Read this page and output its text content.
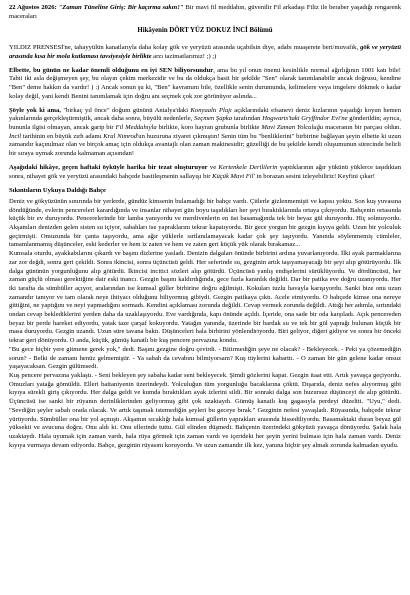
22 Ağustos 2026: "Zaman Tüneline Giriş: Bir kaçırma sakın!" Bir mavi fil meddahın, güvenilir Fil arkadaşı Filiz ile beraber yaşadığı rengarenk maceraları

Hikâyenin DÖRT YÜZ DOKUZ İNCİ Bölümü

YILDIZ PRENSESİ'ne, tahayyülün kanatlarıyla daha kolay gök ve yeryüzü arasında uçabilsin diye, adabı muaşerete beri/muvafık, gök ve yeryüzü arasında kısa bir mola kutlaması tavsiyesiyle birlikte arzı tazimatlarımız! ;) ;)

Elbette, bu günün ne kadar önemli olduğunu en iyi SEN biliyorsundur, ama bu yıl onun önemi kesinlikle normal ağırlığının 1001 katı bile! Tabii iki asla değişmeyen şey, bu olayın çekim merkezidir ve bu da oldukça basit bir şekilde "Sen" olarak tanımlanabilir ancak doğrusu, kendine "Ben" deme hakkın da vardır! ) :) Ancak sonun şu ki, "Ben" kavramını bile, özellikle senin durumunda, kelimelere veya imgelere dökmek o kadar kolay değil, yani kendi Benini tanımlamak için doğru anı seçmek çok zor görünüyor aslında...

Şöyle yok ki ama, "birkaç yıl önce" doğum gününü Antalya'daki Konyaaltı Plajı açıklarındaki efsanevi deniz kızlarının yaşadığı koyun hemen yakınlarında gerçekleştirmiştik, ancak daha sonra, büyülü nedenlerle, Seçmen Şapka tarafından Hogwarts'taki Gryffindor Evi'ne gönderildin; ayrıca, bununla ilgisi olmayan, ancak garip bir Fil Meddahıyla birlikte, koro hayran grubunla birlikte Mavi Zaman Yolculuğu maceranın bir parçası oldun. İncil tarihinin en büyük zırh adamı Kral Nimrod'un huzuruna ziyaret çıkmıştın! Senin tüm bu "benliklerini" birbirine bağlayan şeyin elbette ki uzun zamandır kaçınılmaz olan ve birçok amaç için oldukça avantajlı olan zaman makinesidir; güzelliği de bu şekilde kendi oluşumunun sürecinde belirli bir sıraya uymak zorunda kalmaman açısından!

Aşağıdaki hikâye, geçen haftaki öyküyle harika bir tezat oluşturuyor ve Kertenkele Derililerin yaptıklarının ağır yükünü yüklerce taşıdıktan sonra, nihayet gök ve yeryüzü arasındaki bahçede basitleşmenin sallayışı bir Küçük Mavi Fil' in borazan sesini izleyebiliriz! Keyfini çıkar!

Sıkıntıların Uykuya Daldığı Bahçe

Deniz ve gökyüzünün sınırında bir yerlerde, gündüz kimsenin bulamadığı bir bahçe vardı. Çitlerle gizlenmemişti ve kapısı yoktu. Son kuş yuvasına döndüğünde, evlerin pencereleri karardığında ve insanlar nihayet gün boyu taşıdıkları her şeyi bıraktıklarında ortaya çıkıyordu. Bahçenin ortasında küçük bir ev duruyordu. Pencerelerinde bir lamba yanıyordu ve merdivenlerin en üst basamağında tek bir beyaz gül duruyordu. Hiç solmuyordu. Akşamları denizden gelen sisten su içiyor, sabahları ise yapraklarını tekrar kapatıyordu. Bir gece yorgun bir gezgin kıyıya geldi. Uzun bir yolculuk geçirmişti. Omuzunda bir çanta taşıyordu, ama ağır yüklerle sırtlanılamayacak kadar çok şey taşıyordu. Yanında söylenmemiş cümleler, tamamlanmamış düşünceler, eski kederler ve hem iz zaten ve hem ve zaten geri küçük yük olarak bırakamaz...

Kumsala oturdu, ayakkabılarını çıkardı ve başını dizlerine yasladı. Denizin dalgaları önünde birbirini ardına yuvarlanıyordu. İlki ayak parmaklarına zar zor değdi, sonra geri çekildi. Sonra ikincisi, sonra üçüncüsü geldi. Her seferinde su, gezginin artık taşıyamayacağı bir şeyi alıp götürüyordu. İlk dalga gününün yorgunluğunu alıp götürdü. İkincisi incitici sözleri alıp götürdü. Üçüncüsü yanlış endişelerini sürüklüyordu. Ve dördüncüsü, her zaman güçlü olması gerektiğine dair eski inancı. Gezgin başını kaldırdığında, gece fazla karanlık değildi. Dar bir patika eve doğru uzanıyordu. Her iki tarafta da sümbüller açıyor, aralarından ise kumsal güller birbirine doğru eğilmişti. Kokuları tuzlu havayla karışıyordu. Sanki bize onu uzun zamandır tanıyor ve tam olarak neye ihtiyacı olduğunu biliyormuş gibiydi. Gezgin patikaya çıktı. Acele etmiyordu. O bahçede kimse ona nereye gittiğini, ne yaptığını ve neyi yapmadığını sormadı. Kendini açıklaması zorunda değildi. Cevap vermek zorunda değildi. Attığı her adımla, sırtındaki ondan cevap beklediklerini yerden daha da uzaklaşıyordu. Eve vardığında, kapı önünde açıldı. İçeride, ona sade bir oda karşıladı. Açık pencereden beyaz bir perde hareket ediyordu, yatak taze çarşaf kokuyordu. Yatağın yanında, üzerinde bir bardak su ve tek bir gül yaprağı bulunan küçük bir masa duruyordu. Gezgin uzandı. Uzun süre tavana baktı. Düşünceleri hala birbirini yönlendiriyordu. Biri geliyor, diğeri gidiyor ve sonra bir önceki tekrar geri dönüyordu. O anda, küçük, gümüş kanatlı bir kuş pencere pervazına kondu.

"Bu gece hiçbir yere gitmene gerek yok," dedi. Başını gezgine doğru çevirdi. - Bitirmediğin şeye ne olacak? - Bekleyecek. - Peki ya çözemediğin sorun? - Belki de zamanı henüz gelmemiştir. - Ya sabah da cevabını bilmiyorsam? Kuş tüylerini kabarttı. - O zaman bir gün gelene kadar onsuz yaşayacaksan. Gezgin gülümsedi.

Kuş pencere pervazına yaklaştı. - Seni bekleyen şey sabaha kadar seni bekleyecek. Şimdi gözlerini kapat. Gezgin itaat etti. Artık yavaşça geçiyordu. Omuzları yatağa gömüldü. Elleri battaniyenin üzerindeydi. Yolculuğun tüm yorgunluğu bacaklarına çöktü. Dışarıda, deniz nefes alıyormuş gibi kıyıya sürekli giriş çıkıyordu. Her dalga geldi ve kumda bıraktıkları ayak izlerini sildi. Bir sonraki dalga son huzursuz düşünceyi de alıp götürdü. Üçüncüsü ise sanki bir rüyanın derinliklerinden geliyormuş gibi çok uzaktaydı. Gümüş kanatlı kuş gagasıyla perdeyi düzeltti. "Uyu," dedi. "Sevdiğin şeyler sabah orada olacak. Ve artık taşımak istemediğin şeyleri bu geceye bırak." Gezginin nefesi yavaşladı. Rüyasında, bahçede tekrar yürüyordu. Sümbüller ona bir yol açmıştı. Akşamın sıcaklığı hala kumsal güllerin yaprakları arasında hissediliyordu. Basamaktaki duran beyaz gül yüksekti ve avucuna doğru. Onu aldı ki. Onu ellerinde tuttu. Gül elinden düşmedi. Bahçenin üzerindeki gökyüzü yavaşça dönüyordu. Şafak hala uzaktaydı. Hala uyumak için zaman vardı, hala rüya görmek için zaman vardı ve içerideki her şeyin yerini bulması için hala zaman vardı. Deniz kıyıya vurmaya devam ediyordu. Bahçe, gezginin rüyasını koruyordu. Ve uzun zamandır ilk kez, yanına hiçbir şey almak zorunda kalmadan uyudu.
